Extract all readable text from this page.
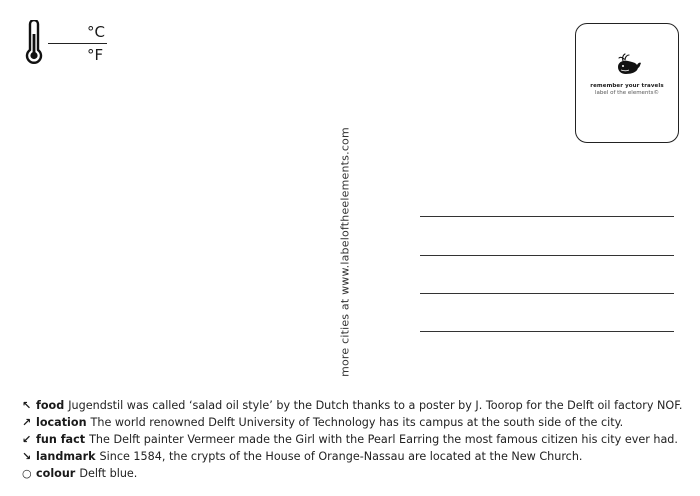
°C
°F
remember your travels
label of the elements©
more cities at www.labeloftheelements.com
↖ food Jugendstil was called ‘salad oil style’ by the Dutch thanks to a poster by J. Toorop for the Delft oil factory NOF.
↗ location The world renowned Delft University of Technology has its campus at the south side of the city.
↙ fun fact The Delft painter Vermeer made the Girl with the Pearl Earring the most famous citizen his city ever had.
↘ landmark Since 1584, the crypts of the House of Orange-Nassau are located at the New Church.
○ colour Delft blue.
